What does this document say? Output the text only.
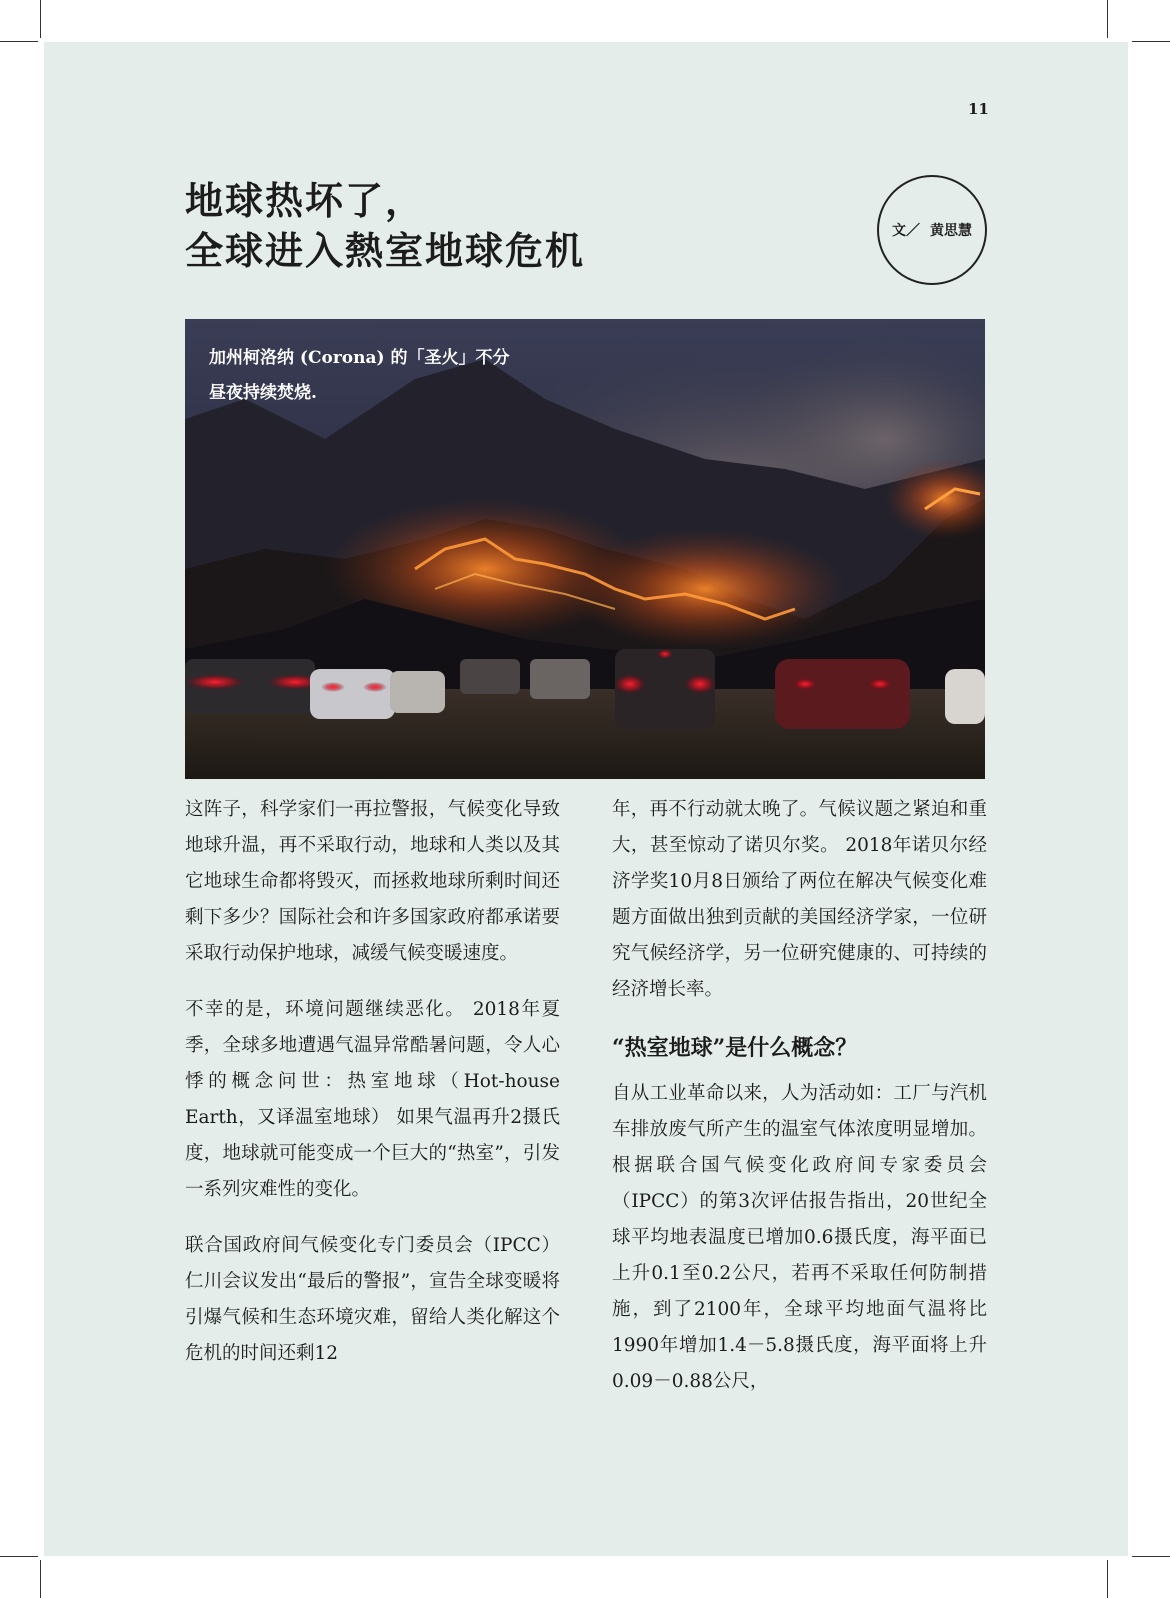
11
地球热坏了，
全球进入熱室地球危机	文／ 黄思慧
加州柯洛纳 (Corona) 的「圣火」不分
昼夜持续焚烧.

这阵子，科学家们一再拉警报，气候变化导致地球升温，再不采取行动，地球和人类以及其它地球生命都将毁灭，而拯救地球所剩时间还剩下多少？国际社会和许多国家政府都承诺要采取行动保护地球，减缓气候变暖速度。

不幸的是，环境问题继续恶化。 2018年夏季，全球多地遭遇气温异常酷暑问题，令人心悸的概念问世：热室地球（Hot-house Earth，又译温室地球） 如果气温再升2摄氏度，地球就可能变成一个巨大的“热室”，引发一系列灾难性的变化。

联合国政府间气候变化专门委员会（IPCC）仁川会议发出“最后的警报”，宣告全球变暖将引爆气候和生态环境灾难，留给人类化解这个危机的时间还剩12

年，再不行动就太晚了。气候议题之紧迫和重大，甚至惊动了诺贝尔奖。 2018年诺贝尔经济学奖10月8日颁给了两位在解决气候变化难题方面做出独到贡献的美国经济学家，一位研究气候经济学，另一位研究健康的、可持续的经济增长率。

“热室地球”是什么概念？

自从工业革命以来，人为活动如：工厂与汽机车排放废气所产生的温室气体浓度明显增加。根据联合国气候变化政府间专家委员会（IPCC）的第3次评估报告指出，20世纪全球平均地表温度已增加0.6摄氏度，海平面已上升0.1至0.2公尺，若再不采取任何防制措施，到了2100年，全球平均地面气温将比1990年增加1.4－5.8摄氏度，海平面将上升0.09－0.88公尺，
